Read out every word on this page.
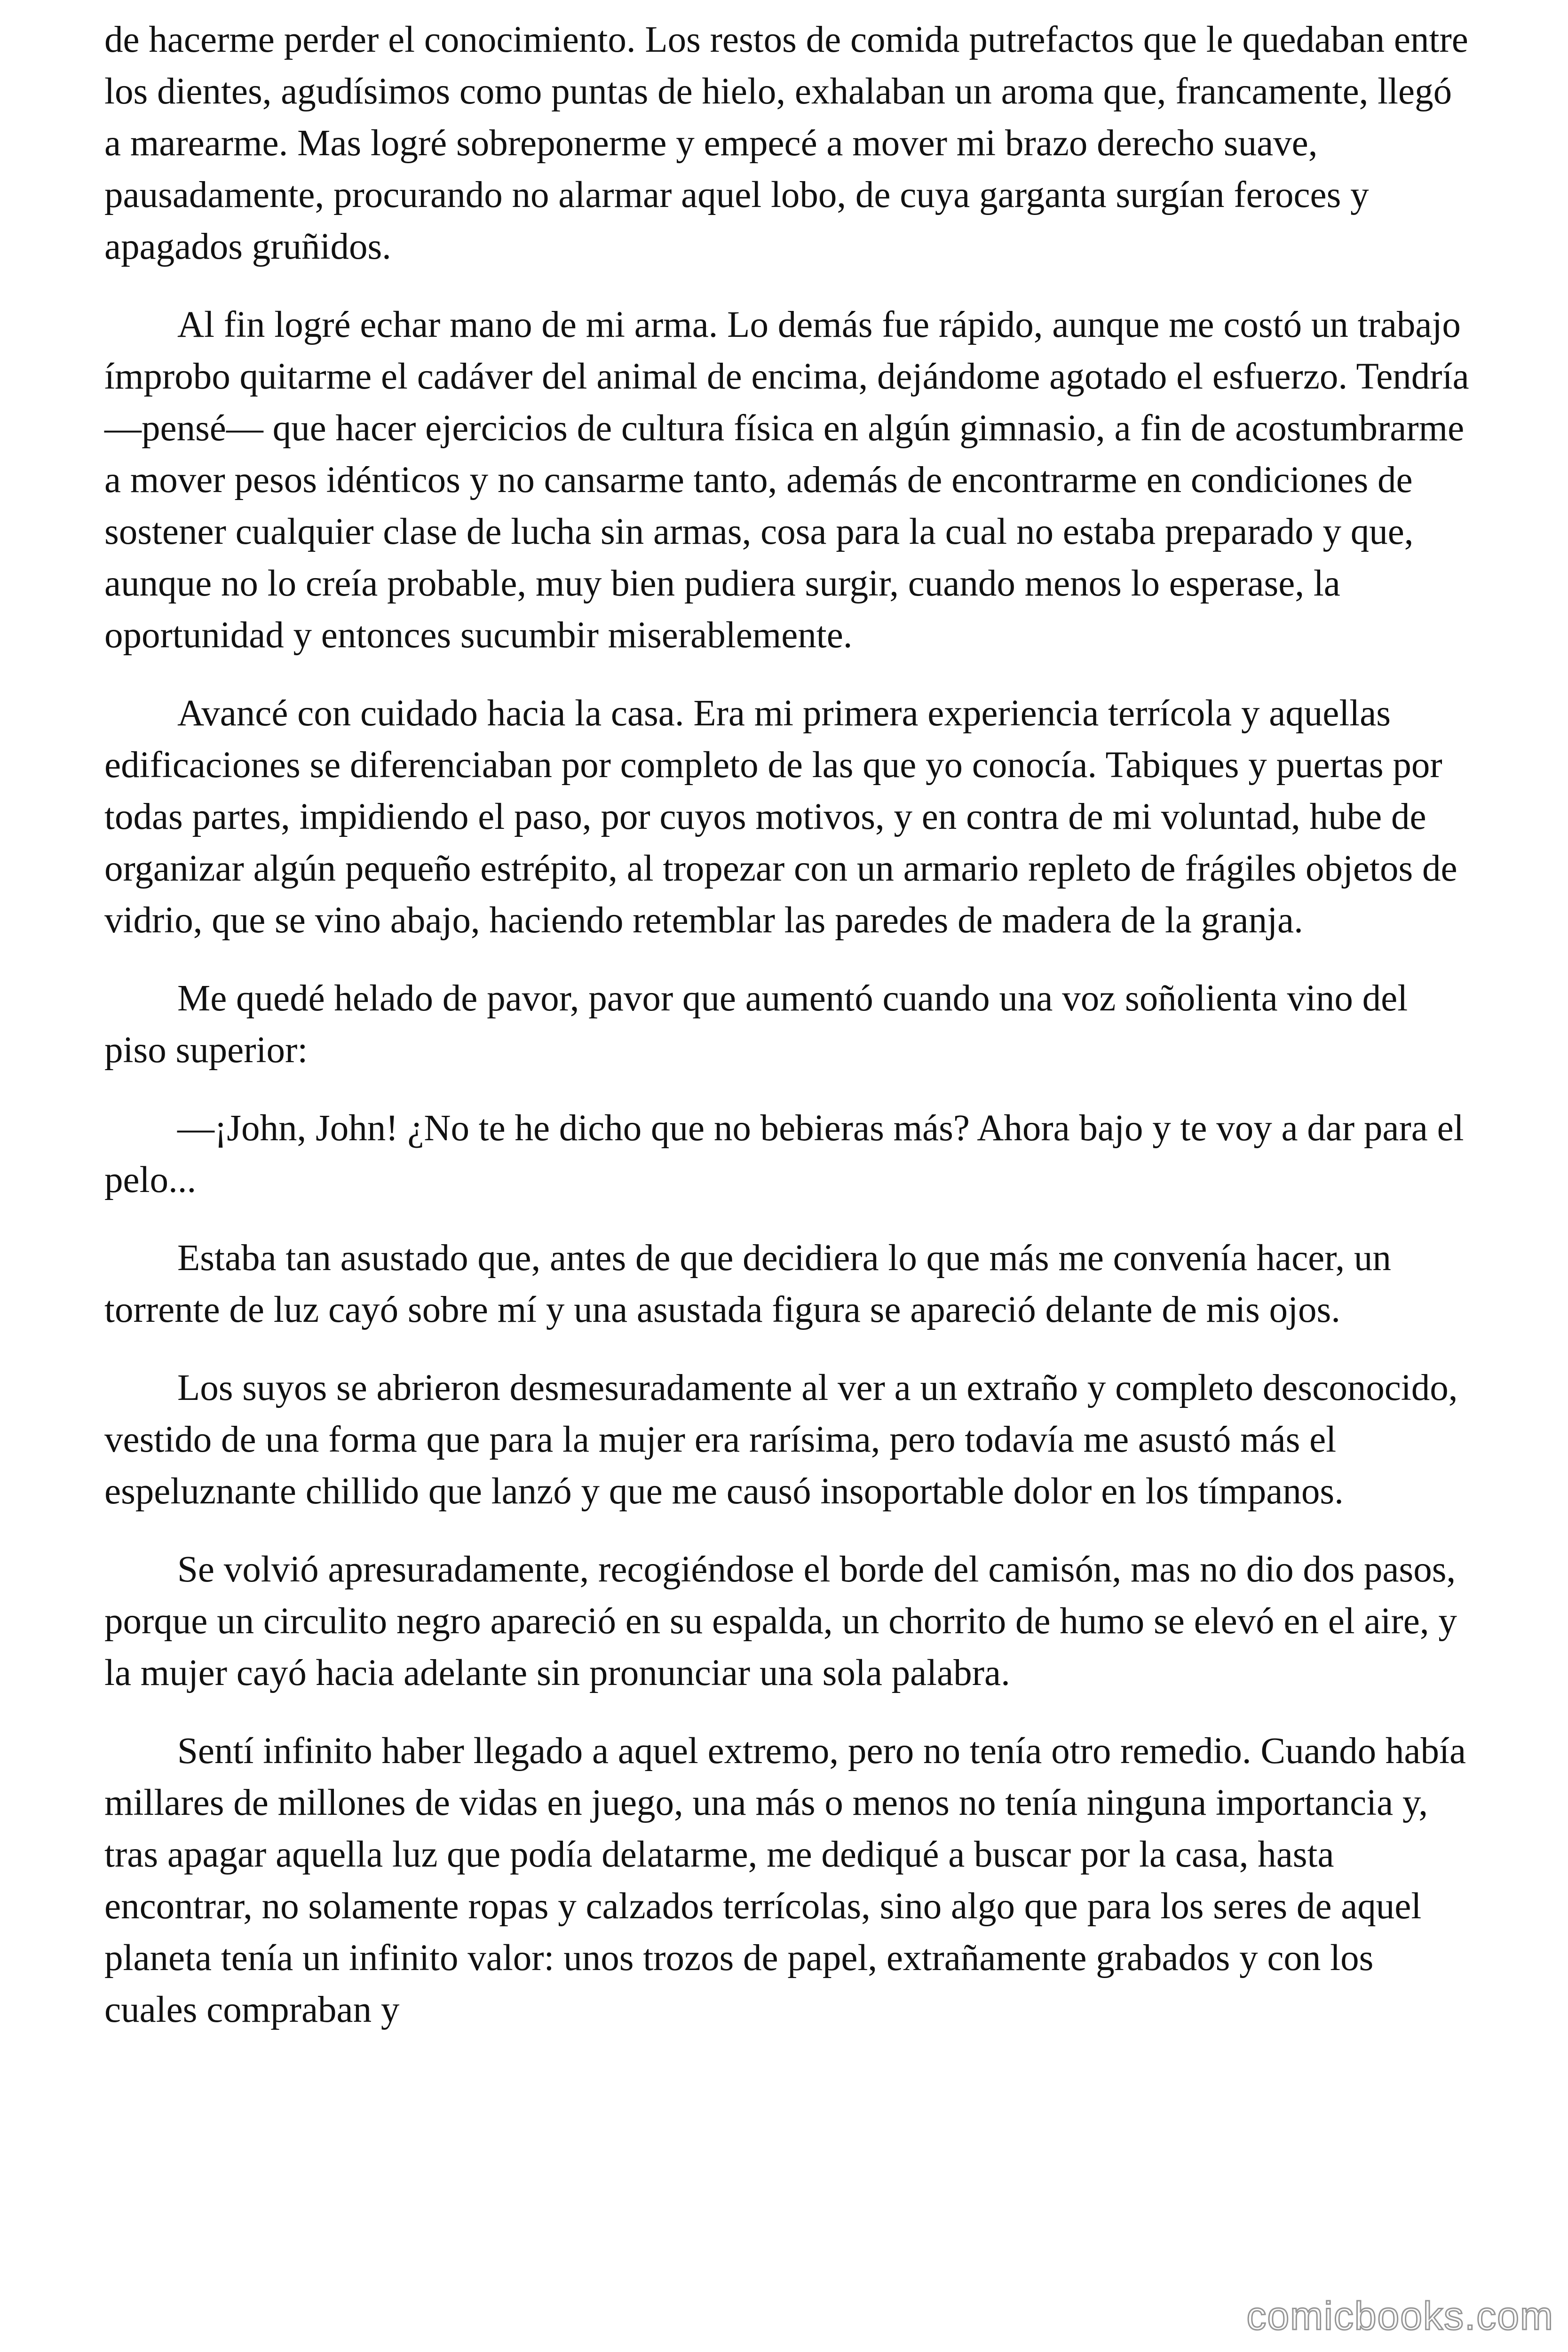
de hacerme perder el conocimiento. Los restos de comida putrefactos que le quedaban entre los dientes, agudísimos como puntas de hielo, exhalaban un aroma que, francamente, llegó a marearme. Mas logré sobreponerme y empecé a mover mi brazo derecho suave, pausadamente, procurando no alarmar aquel lobo, de cuya garganta surgían feroces y apagados gruñidos.

Al fin logré echar mano de mi arma. Lo demás fue rápido, aunque me costó un trabajo ímprobo quitarme el cadáver del animal de encima, dejándome agotado el esfuerzo. Tendría —pensé— que hacer ejercicios de cultura física en algún gimnasio, a fin de acostumbrarme a mover pesos idénticos y no cansarme tanto, además de encontrarme en condiciones de sostener cualquier clase de lucha sin armas, cosa para la cual no estaba preparado y que, aunque no lo creía probable, muy bien pudiera surgir, cuando menos lo esperase, la oportunidad y entonces sucumbir miserablemente.

Avancé con cuidado hacia la casa. Era mi primera experiencia terrícola y aquellas edificaciones se diferenciaban por completo de las que yo conocía. Tabiques y puertas por todas partes, impidiendo el paso, por cuyos motivos, y en contra de mi voluntad, hube de organizar algún pequeño estrépito, al tropezar con un armario repleto de frágiles objetos de vidrio, que se vino abajo, haciendo retemblar las paredes de madera de la granja.

Me quedé helado de pavor, pavor que aumentó cuando una voz soñolienta vino del piso superior:

—¡John, John! ¿No te he dicho que no bebieras más? Ahora bajo y te voy a dar para el pelo...

Estaba tan asustado que, antes de que decidiera lo que más me convenía hacer, un torrente de luz cayó sobre mí y una asustada figura se apareció delante de mis ojos.

Los suyos se abrieron desmesuradamente al ver a un extraño y completo desconocido, vestido de una forma que para la mujer era rarísima, pero todavía me asustó más el espeluznante chillido que lanzó y que me causó insoportable dolor en los tímpanos.

Se volvió apresuradamente, recogiéndose el borde del camisón, mas no dio dos pasos, porque un circulito negro apareció en su espalda, un chorrito de humo se elevó en el aire, y la mujer cayó hacia adelante sin pronunciar una sola palabra.

Sentí infinito haber llegado a aquel extremo, pero no tenía otro remedio. Cuando había millares de millones de vidas en juego, una más o menos no tenía ninguna importancia y, tras apagar aquella luz que podía delatarme, me dediqué a buscar por la casa, hasta encontrar, no solamente ropas y calzados terrícolas, sino algo que para los seres de aquel planeta tenía un infinito valor: unos trozos de papel, extrañamente grabados y con los cuales compraban y

comicbooks.com
